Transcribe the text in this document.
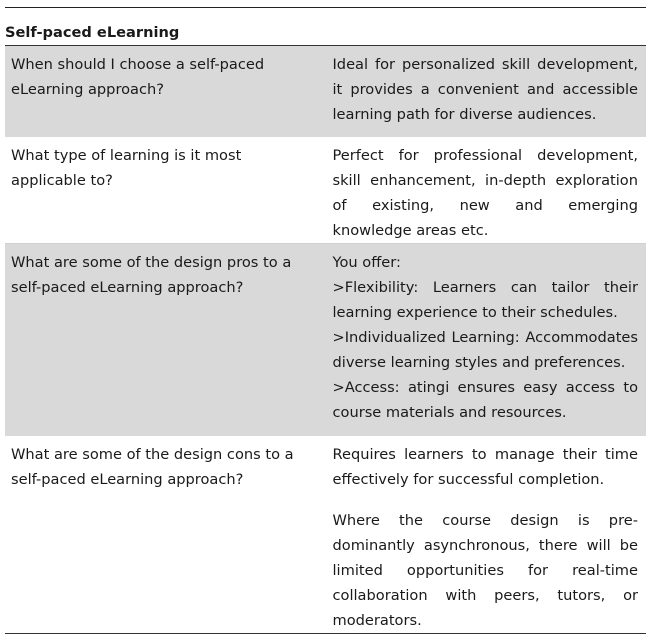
Self-paced eLearning	
When should I choose a self-paced eLearning approach?	Ideal for personalized skill development, it provides a convenient and accessible learning path for diverse audiences.
What type of learning is it most applicable to?	Perfect for professional development, skill enhancement, in-depth exploration of existing, new and emerging knowledge areas etc.
What are some of the design pros to a self-paced eLearning approach?	You offer:
>Flexibility: Learners can tailor their learning experience to their schedules.
>Individualized Learning: Accommodates diverse learning styles and preferences.
>Access: atingi ensures easy access to course materials and resources.

What are some of the design cons to a self-paced eLearning approach?	Requires learners to manage their time effectively for successful completion.
Where the course design is pre-dominantly asynchronous, there will be limited opportunities for real-time collaboration with peers, tutors, or moderators.
